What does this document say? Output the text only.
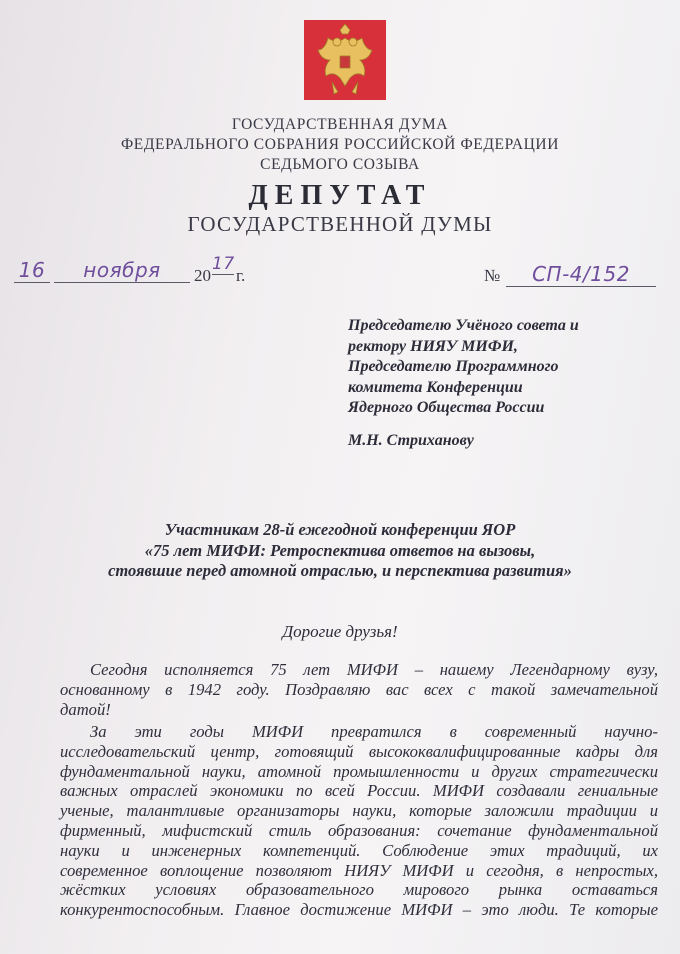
ГОСУДАРСТВЕННАЯ ДУМА
ФЕДЕРАЛЬНОГО СОБРАНИЯ РОССИЙСКОЙ ФЕДЕРАЦИИ
СЕДЬМОГО СОЗЫВА
ДЕПУТАТ
ГОСУДАРСТВЕННОЙ ДУМЫ
16	ноября	20
17
г.	№	СП-4/152
Председателю Учёного совета и
ректору НИЯУ МИФИ,
Председателю Программного
комитета Конференции
Ядерного Общества России
М.Н. Стриханову
Участникам 28-й ежегодной конференции ЯОР
«75 лет МИФИ: Ретроспектива ответов на вызовы,
стоявшие перед атомной отраслью, и перспектива развития»
Дорогие друзья!
Сегодня исполняется 75 лет МИФИ – нашему Легендарному вузу,
основанному в 1942 году. Поздравляю вас всех с такой замечательной
датой!
За эти годы МИФИ превратился в современный научно-
исследовательский центр, готовящий высококвалифицированные кадры для
фундаментальной науки, атомной промышленности и других стратегически
важных отраслей экономики по всей России. МИФИ создавали гениальные
ученые, талантливые организаторы науки, которые заложили традиции и
фирменный, мифистский стиль образования: сочетание фундаментальной
науки и инженерных компетенций. Соблюдение этих традиций, их
современное воплощение позволяют НИЯУ МИФИ и сегодня, в непростых,
жёстких условиях образовательного мирового рынка оставаться
конкурентоспособным. Главное достижение МИФИ – это люди. Те которые
